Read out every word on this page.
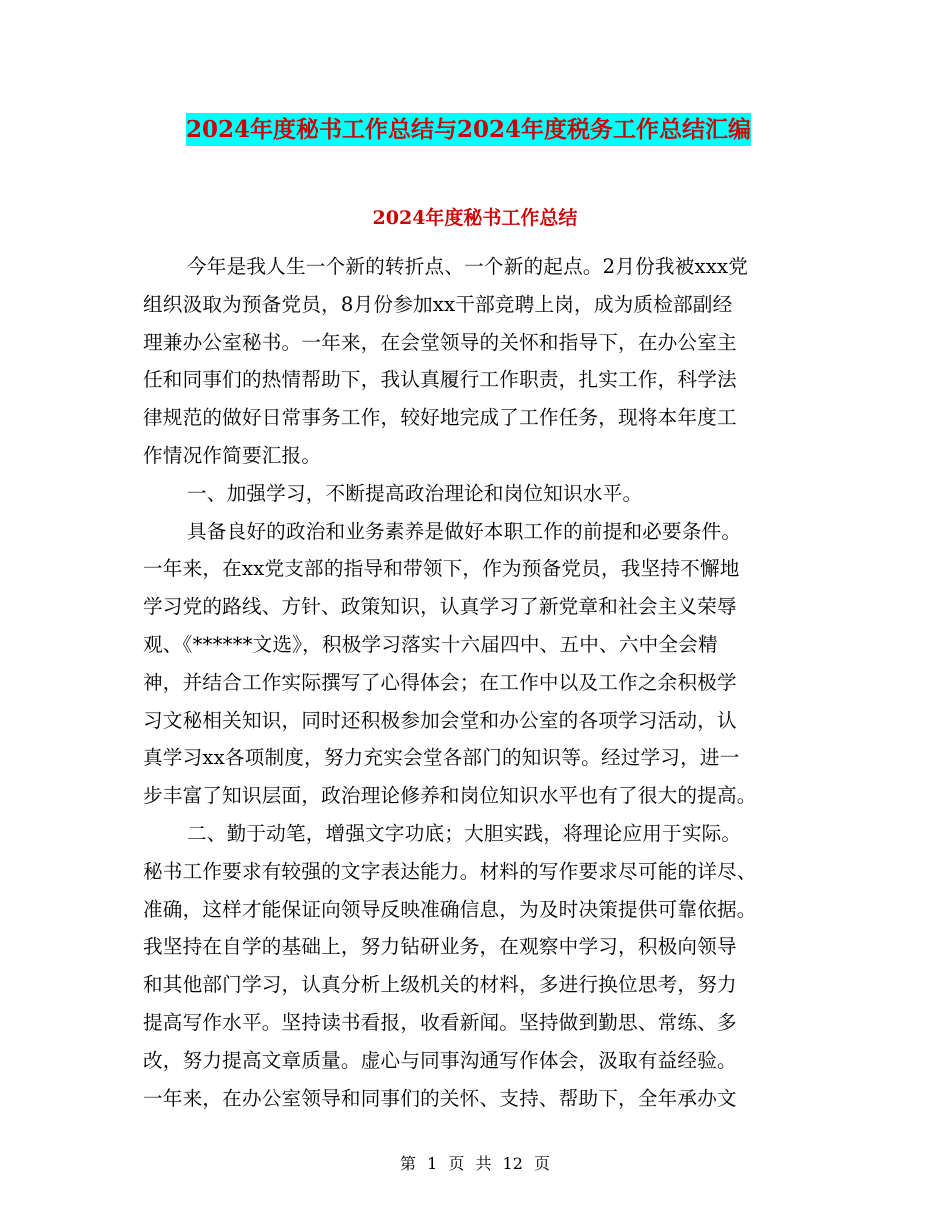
2024年度秘书工作总结与2024年度税务工作总结汇编
2024年度秘书工作总结
今年是我人生一个新的转折点、一个新的起点。2月份我被xxx党
组织汲取为预备党员，8月份参加xx干部竞聘上岗，成为质检部副经
理兼办公室秘书。一年来，在会堂领导的关怀和指导下，在办公室主
任和同事们的热情帮助下，我认真履行工作职责，扎实工作，科学法
律规范的做好日常事务工作，较好地完成了工作任务，现将本年度工
作情况作简要汇报。
一、加强学习，不断提高政治理论和岗位知识水平。
具备良好的政治和业务素养是做好本职工作的前提和必要条件。
一年来，在xx党支部的指导和带领下，作为预备党员，我坚持不懈地
学习党的路线、方针、政策知识，认真学习了新党章和社会主义荣辱
观、《******文选》，积极学习落实十六届四中、五中、六中全会精
神，并结合工作实际撰写了心得体会；在工作中以及工作之余积极学
习文秘相关知识，同时还积极参加会堂和办公室的各项学习活动，认
真学习xx各项制度，努力充实会堂各部门的知识等。经过学习，进一
步丰富了知识层面，政治理论修养和岗位知识水平也有了很大的提高。
二、勤于动笔，增强文字功底；大胆实践，将理论应用于实际。
秘书工作要求有较强的文字表达能力。材料的写作要求尽可能的详尽、
准确，这样才能保证向领导反映准确信息，为及时决策提供可靠依据。
我坚持在自学的基础上，努力钻研业务，在观察中学习，积极向领导
和其他部门学习，认真分析上级机关的材料，多进行换位思考，努力
提高写作水平。坚持读书看报，收看新闻。坚持做到勤思、常练、多
改，努力提高文章质量。虚心与同事沟通写作体会，汲取有益经验。
一年来，在办公室领导和同事们的关怀、支持、帮助下，全年承办文
第 1 页 共 12 页
